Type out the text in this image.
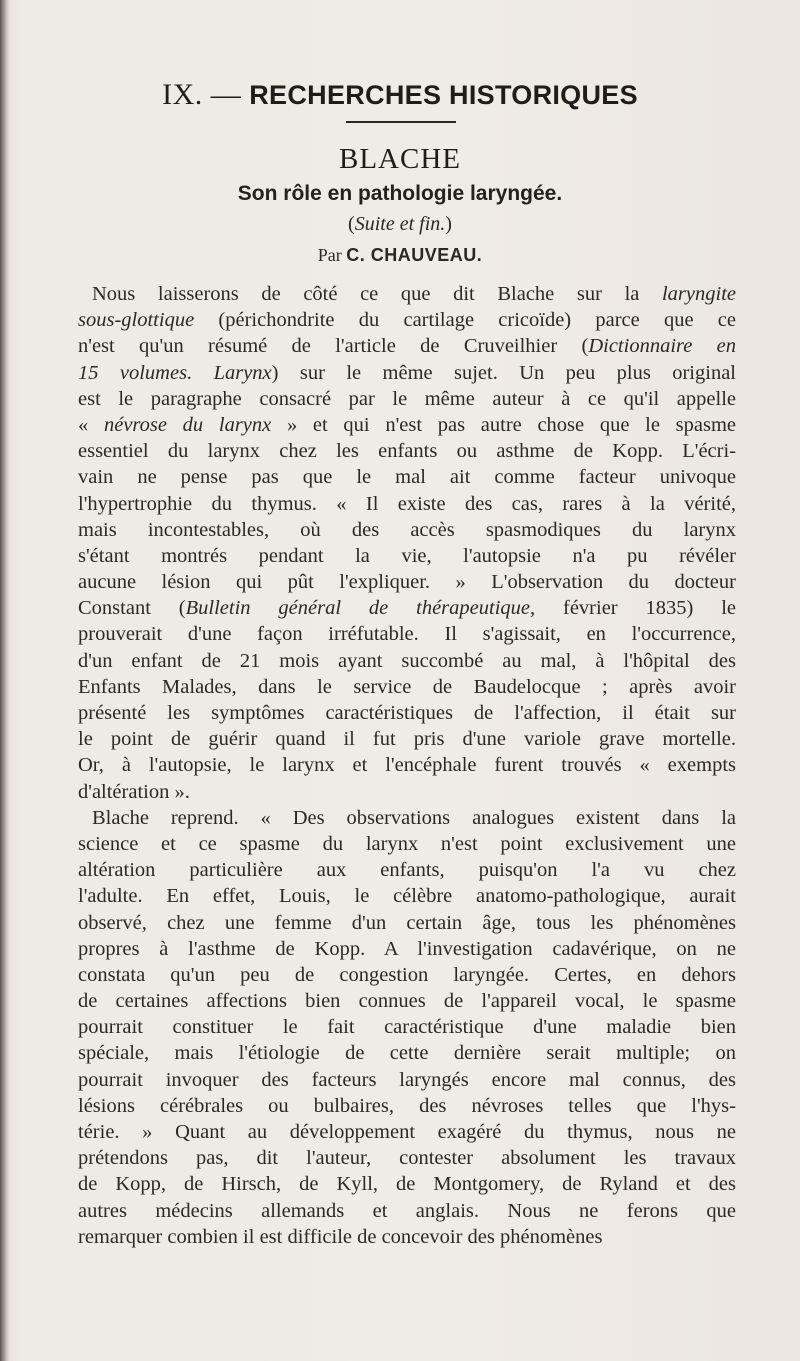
IX. — RECHERCHES HISTORIQUES
BLACHE
Son rôle en pathologie laryngée.
(Suite et fin.)
Par C. CHAUVEAU.
Nous laisserons de côté ce que dit Blache sur la laryngite
sous-glottique (périchondrite du cartilage cricoïde) parce que ce
n'est qu'un résumé de l'article de Cruveilhier (Dictionnaire en
15 volumes. Larynx) sur le même sujet. Un peu plus original
est le paragraphe consacré par le même auteur à ce qu'il appelle
« névrose du larynx » et qui n'est pas autre chose que le spasme
essentiel du larynx chez les enfants ou asthme de Kopp. L'écri-
vain ne pense pas que le mal ait comme facteur univoque
l'hypertrophie du thymus. « Il existe des cas, rares à la vérité,
mais incontestables, où des accès spasmodiques du larynx
s'étant montrés pendant la vie, l'autopsie n'a pu révéler
aucune lésion qui pût l'expliquer. » L'observation du docteur
Constant (Bulletin général de thérapeutique, février 1835) le
prouverait d'une façon irréfutable. Il s'agissait, en l'occurrence,
d'un enfant de 21 mois ayant succombé au mal, à l'hôpital des
Enfants Malades, dans le service de Baudelocque ; après avoir
présenté les symptômes caractéristiques de l'affection, il était sur
le point de guérir quand il fut pris d'une variole grave mortelle.
Or, à l'autopsie, le larynx et l'encéphale furent trouvés « exempts
d'altération ».
Blache reprend. « Des observations analogues existent dans la
science et ce spasme du larynx n'est point exclusivement une
altération particulière aux enfants, puisqu'on l'a vu chez
l'adulte. En effet, Louis, le célèbre anatomo-pathologique, aurait
observé, chez une femme d'un certain âge, tous les phénomènes
propres à l'asthme de Kopp. A l'investigation cadavérique, on ne
constata qu'un peu de congestion laryngée. Certes, en dehors
de certaines affections bien connues de l'appareil vocal, le spasme
pourrait constituer le fait caractéristique d'une maladie bien
spéciale, mais l'étiologie de cette dernière serait multiple; on
pourrait invoquer des facteurs laryngés encore mal connus, des
lésions cérébrales ou bulbaires, des névroses telles que l'hys-
térie. » Quant au développement exagéré du thymus, nous ne
prétendons pas, dit l'auteur, contester absolument les travaux
de Kopp, de Hirsch, de Kyll, de Montgomery, de Ryland et des
autres médecins allemands et anglais. Nous ne ferons que
remarquer combien il est difficile de concevoir des phénomènes
